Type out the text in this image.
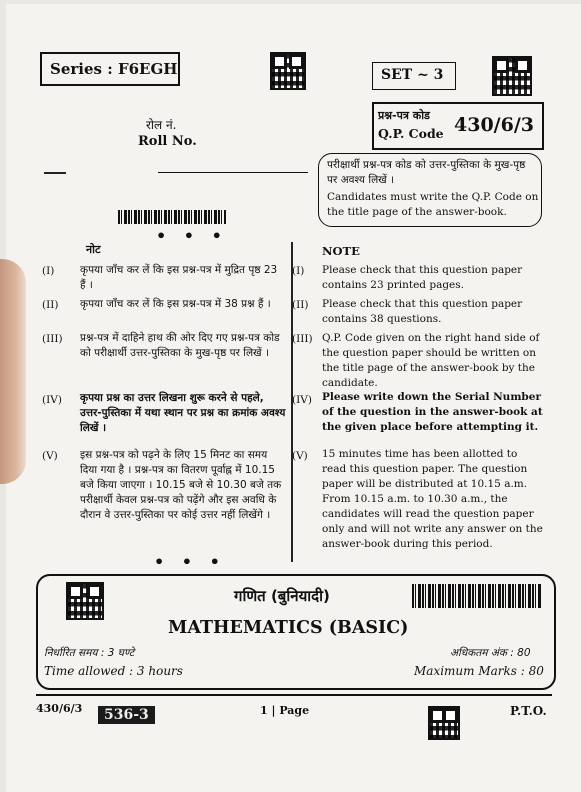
Series : F6EGH	SET ~ 3
रोल नं.
Roll No.
प्रश्न-पत्र कोड
Q.P. Code 430/6/3
परीक्षार्थी प्रश्न-पत्र कोड को उत्तर-पुस्तिका के मुख-पृष्ठ पर अवश्य लिखें ।
Candidates must write the Q.P. Code on the title page of the answer-book.
• • •
नोट	NOTE
(I) कृपया जाँच कर लें कि इस प्रश्न-पत्र में मुद्रित पृष्ठ 23 हैं ।
(I) Please check that this question paper contains 23 printed pages.
(II) कृपया जाँच कर लें कि इस प्रश्न-पत्र में 38 प्रश्न हैं ।	(II) Please check that this question paper contains 38 questions.
(III) प्रश्न-पत्र में दाहिने हाथ की ओर दिए गए प्रश्न-पत्र कोड को परीक्षार्थी उत्तर-पुस्तिका के मुख-पृष्ठ पर लिखें ।
(III) Q.P. Code given on the right hand side of the question paper should be written on the title page of the answer-book by the candidate.
(IV) कृपया प्रश्न का उत्तर लिखना शुरू करने से पहले, उत्तर-पुस्तिका में यथा स्थान पर प्रश्न का क्रमांक अवश्य लिखें ।
(IV) Please write down the Serial Number of the question in the answer-book at the given place before attempting it.
(V) इस प्रश्न-पत्र को पढ़ने के लिए 15 मिनट का समय दिया गया है । प्रश्न-पत्र का वितरण पूर्वाह्न में 10.15 बजे किया जाएगा । 10.15 बजे से 10.30 बजे तक परीक्षार्थी केवल प्रश्न-पत्र को पढ़ेंगे और इस अवधि के दौरान वे उत्तर-पुस्तिका पर कोई उत्तर नहीं लिखेंगे ।
(V) 15 minutes time has been allotted to read this question paper. The question paper will be distributed at 10.15 a.m. From 10.15 a.m. to 10.30 a.m., the candidates will read the question paper only and will not write any answer on the answer-book during this period.
• • •
गणित (बुनियादी)
MATHEMATICS (BASIC)
निर्धारित समय : 3 घण्टे
Time allowed : 3 hours
अधिकतम अंक : 80
Maximum Marks : 80
430/6/3	536-3	1 | Page	P.T.O.
